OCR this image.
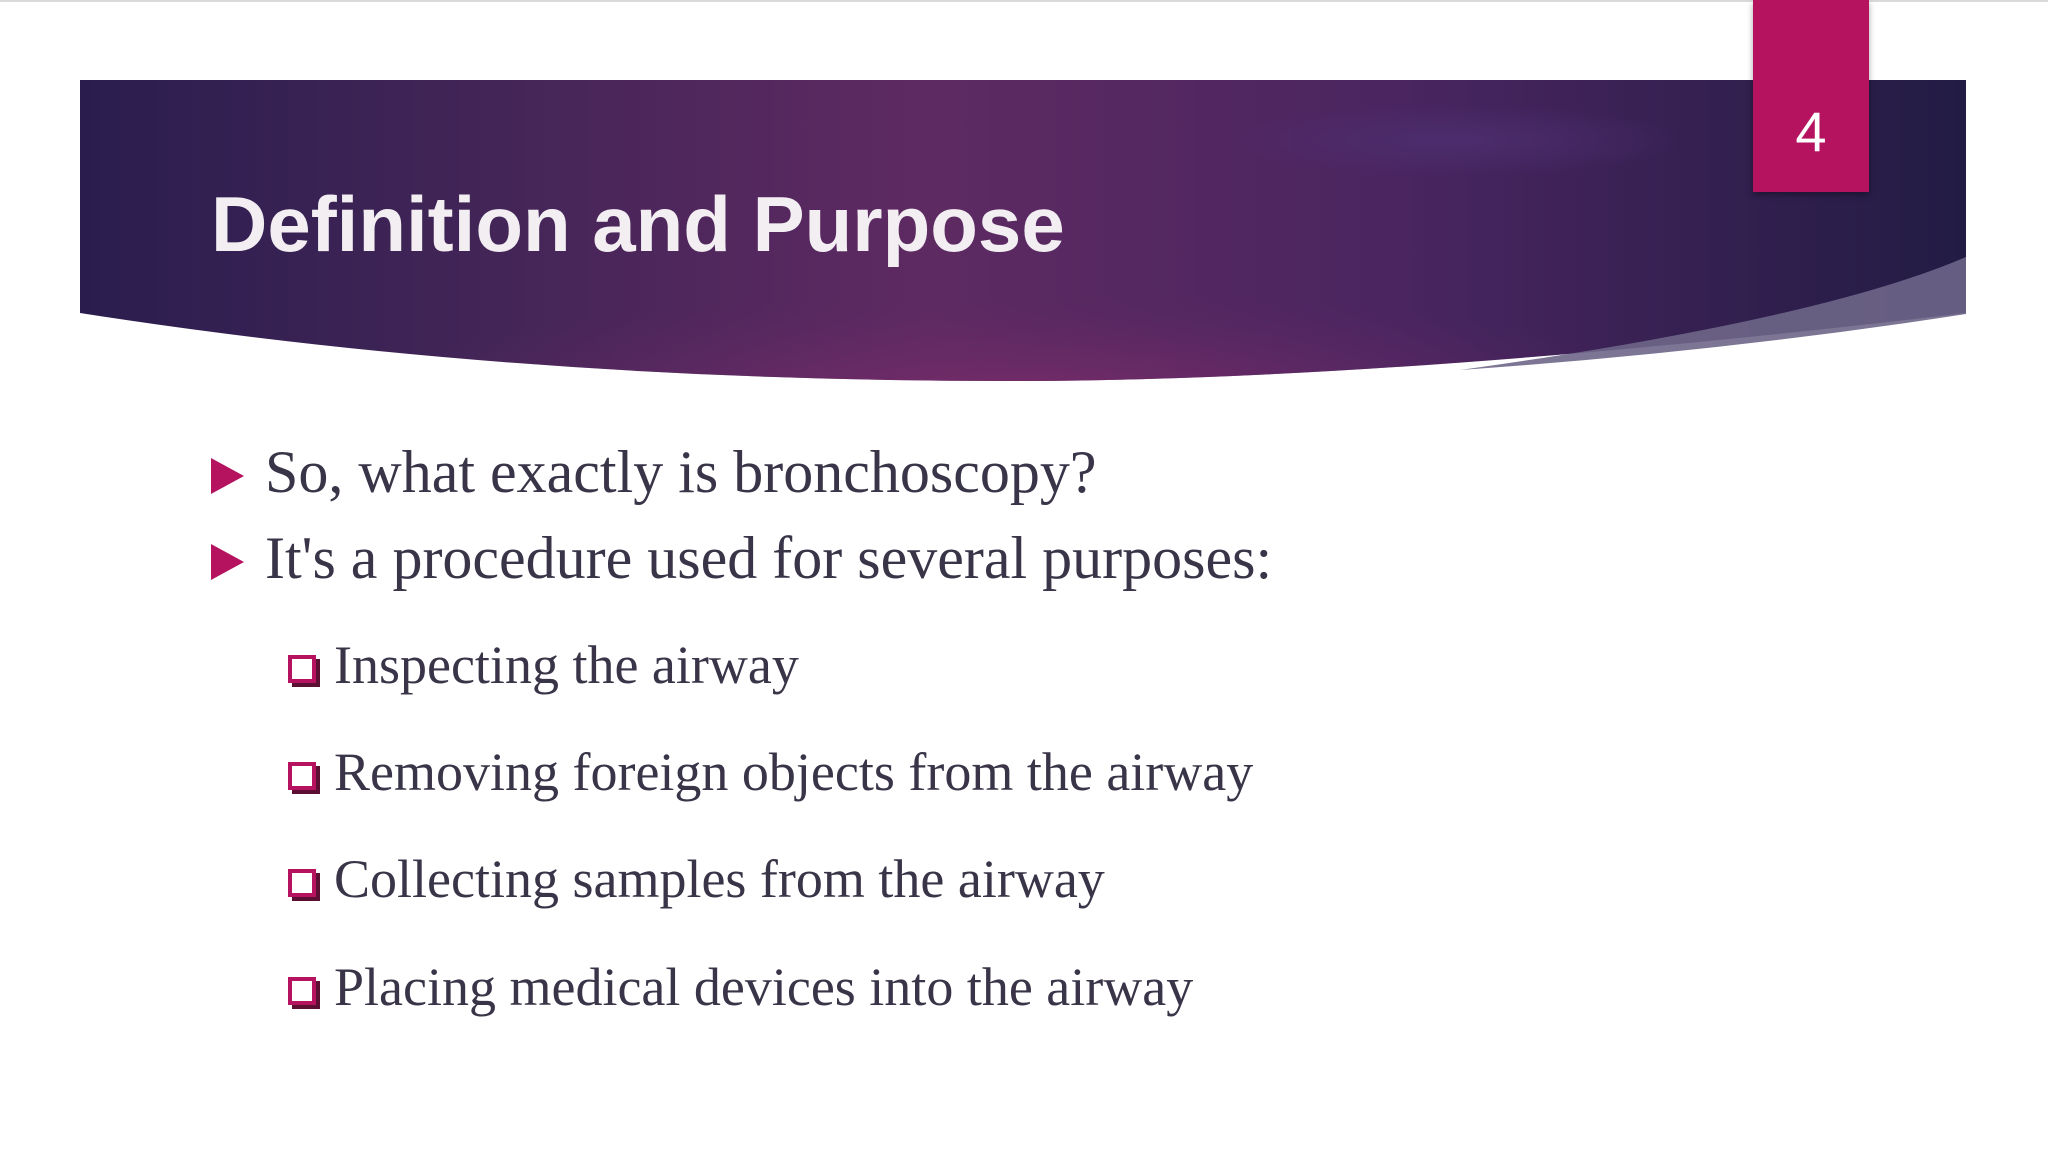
Definition and Purpose
4
So, what exactly is bronchoscopy?
It's a procedure used for several purposes:
Inspecting the airway
Removing foreign objects from the airway
Collecting samples from the airway
Placing medical devices into the airway
